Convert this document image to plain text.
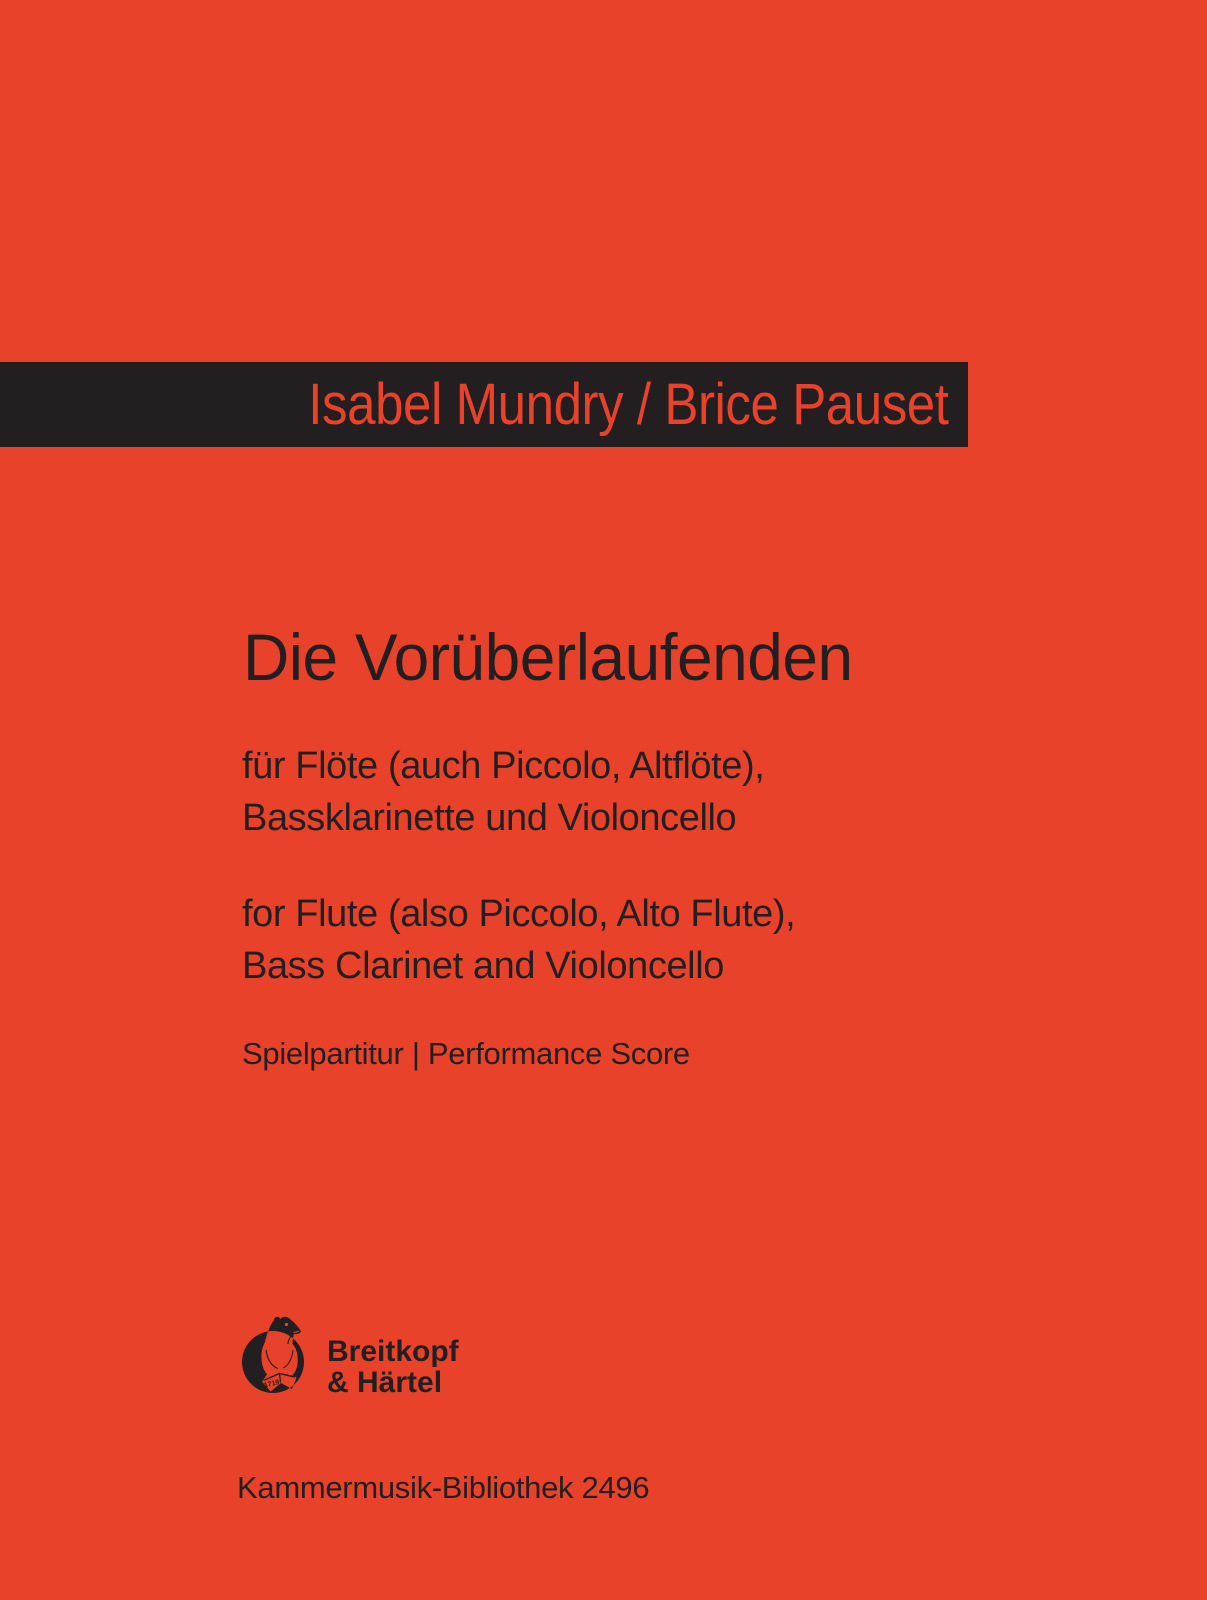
Isabel Mundry / Brice Pauset
Die Vorüberlaufenden

für Flöte (auch Piccolo, Altflöte),
Bassklarinette und Violoncello

for Flute (also Piccolo, Alto Flute),
Bass Clarinet and Violoncello

Spielpartitur | Performance Score

1719
Breitkopf
& Härtel

Kammermusik-Bibliothek 2496
